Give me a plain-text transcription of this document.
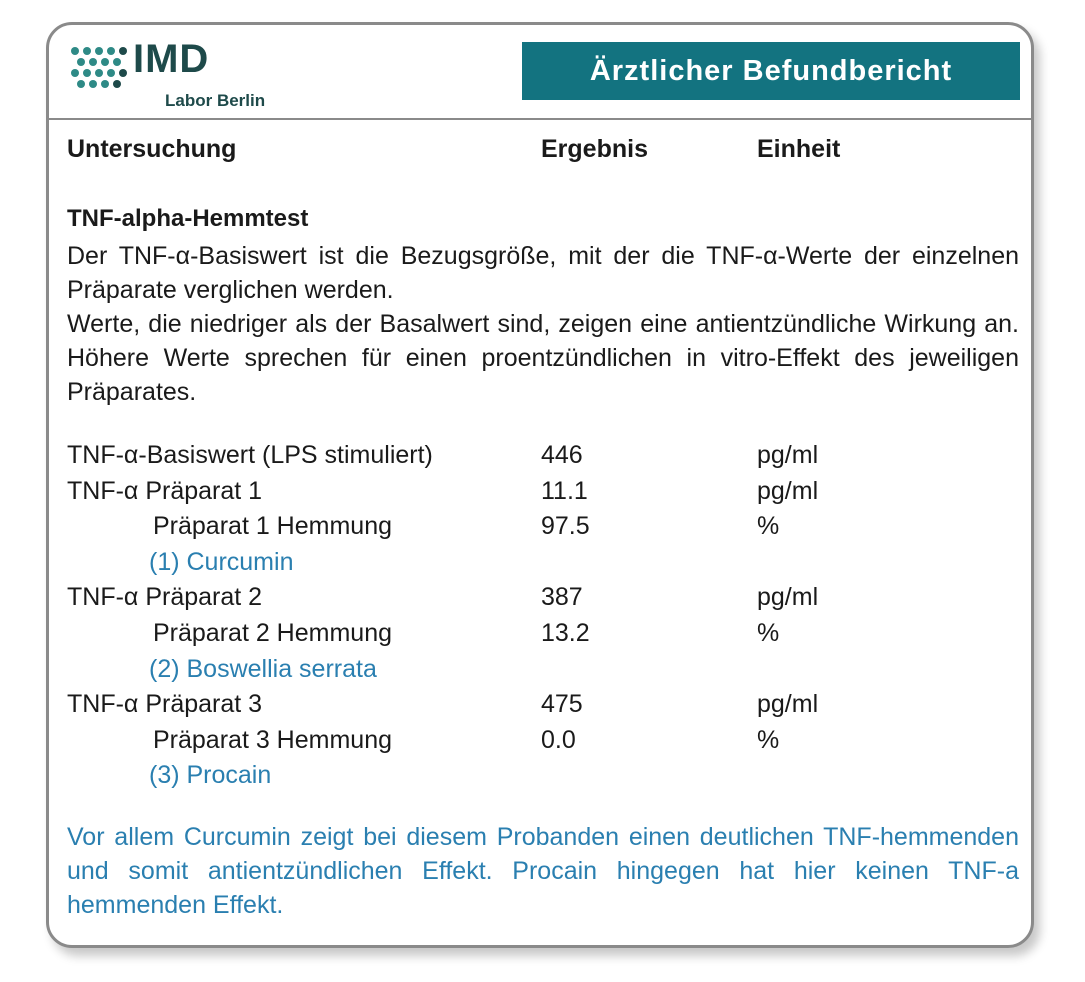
IMD
Labor Berlin
Ärztlicher Befundbericht
Untersuchung	Ergebnis	Einheit
TNF-alpha-Hemmtest

Der TNF-α-Basiswert ist die Bezugsgröße, mit der die TNF-α-Werte der einzelnen Präparate verglichen werden.

Werte, die niedriger als der Basalwert sind, zeigen eine antientzündliche Wirkung an. Höhere Werte sprechen für einen proentzündlichen in vitro-Effekt des jeweiligen Präparates.

TNF-α-Basiswert (LPS stimuliert)	446	pg/ml
TNF-α Präparat 1	11.1	pg/ml
Präparat 1 Hemmung	97.5	%
(1) Curcumin
TNF-α Präparat 2	387	pg/ml
Präparat 2 Hemmung	13.2	%
(2) Boswellia serrata
TNF-α Präparat 3	475	pg/ml
Präparat 3 Hemmung	0.0	%
(3) Procain

Vor allem Curcumin zeigt bei diesem Probanden einen deutlichen TNF-hemmenden und somit antientzündlichen Effekt. Procain hingegen hat hier keinen TNF-a hemmenden Effekt.
